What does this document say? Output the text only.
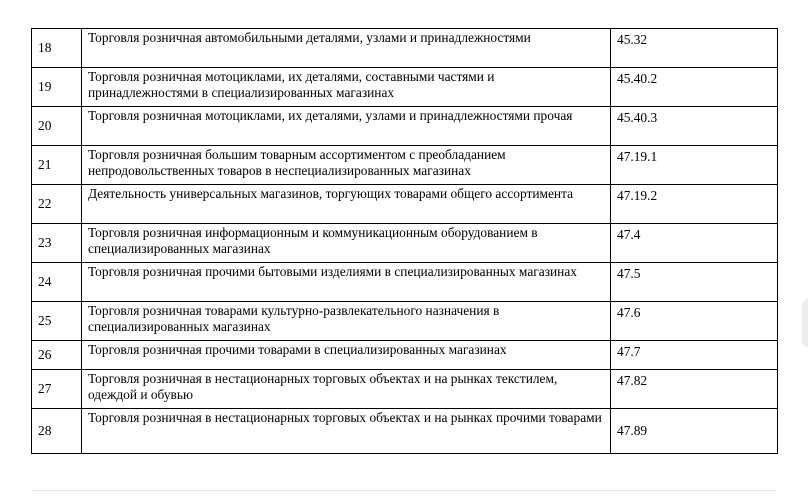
18	Торговля розничная автомобильными деталями, узлами и принадлежностями	45.32
19	Торговля розничная мотоциклами, их деталями, составными частями и принадлежностями в специализированных магазинах	45.40.2
20	Торговля розничная мотоциклами, их деталями, узлами и принадлежностями прочая	45.40.3
21	Торговля розничная большим товарным ассортиментом с преобладанием непродовольственных товаров в неспециализированных магазинах	47.19.1
22	Деятельность универсальных магазинов, торгующих товарами общего ассортимента	47.19.2
23	Торговля розничная информационным и коммуникационным оборудованием в специализированных магазинах	47.4
24	Торговля розничная прочими бытовыми изделиями в специализированных магазинах	47.5
25	Торговля розничная товарами культурно-развлекательного назначения в специализированных магазинах	47.6
26	Торговля розничная прочими товарами в специализированных магазинах	47.7
27	Торговля розничная в нестационарных торговых объектах и на рынках текстилем, одеждой и обувью	47.82
28	Торговля розничная в нестационарных торговых объектах и на рынках прочими товарами	47.89
